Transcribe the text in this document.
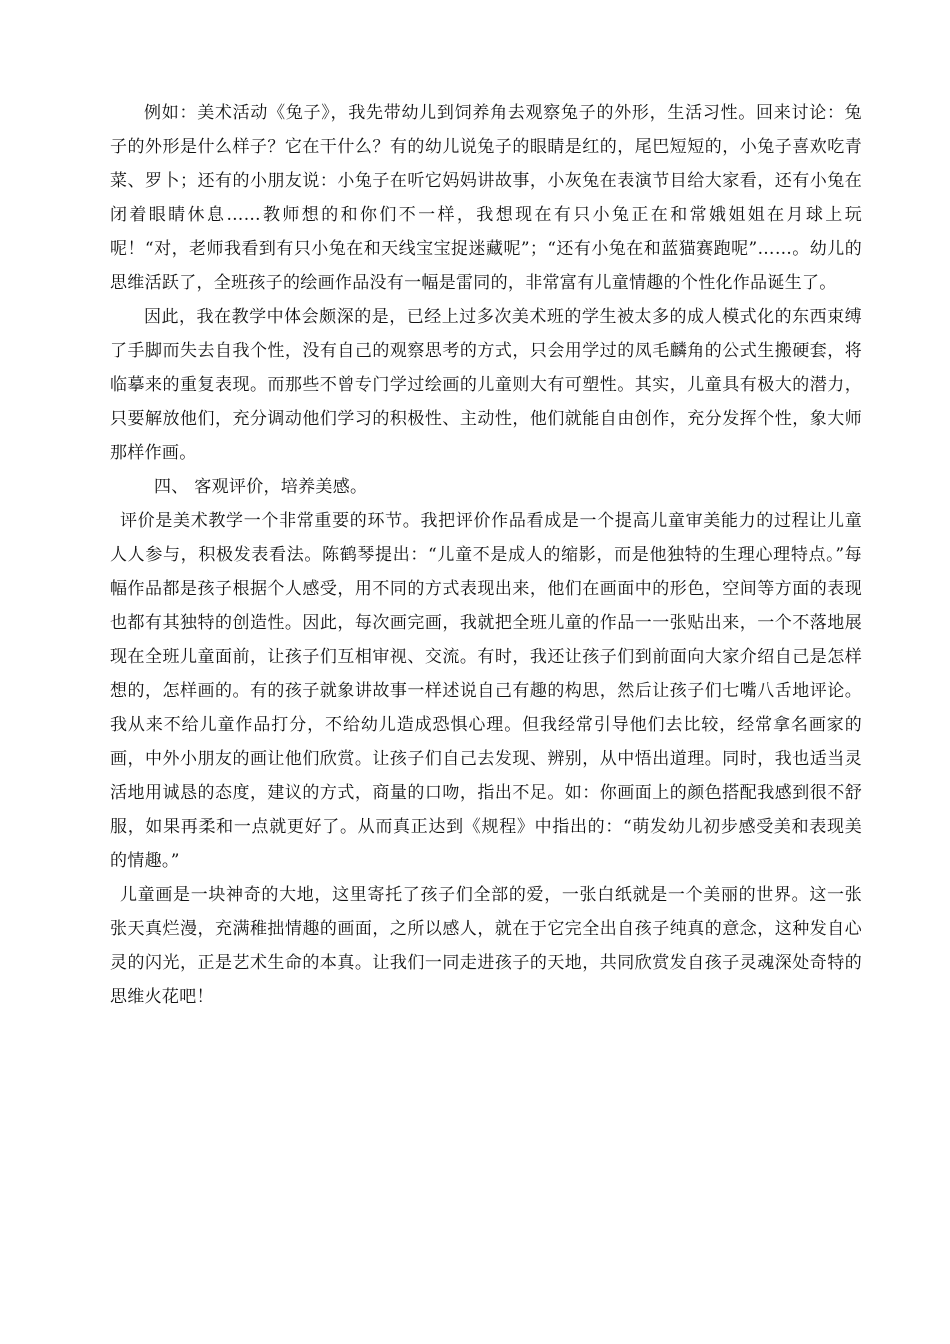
例如：美术活动《兔子》，我先带幼儿到饲养角去观察兔子的外形，生活习性。回来讨论：兔子的外形是什么样子？它在干什么？有的幼儿说兔子的眼睛是红的，尾巴短短的，小兔子喜欢吃青菜、罗卜；还有的小朋友说：小兔子在听它妈妈讲故事，小灰兔在表演节目给大家看，还有小兔在闭着眼睛休息……教师想的和你们不一样，我想现在有只小兔正在和常娥姐姐在月球上玩呢！“对，老师我看到有只小兔在和天线宝宝捉迷藏呢”；“还有小兔在和蓝猫赛跑呢”……。幼儿的思维活跃了，全班孩子的绘画作品没有一幅是雷同的，非常富有儿童情趣的个性化作品诞生了。

因此，我在教学中体会颇深的是，已经上过多次美术班的学生被太多的成人模式化的东西束缚了手脚而失去自我个性，没有自己的观察思考的方式，只会用学过的凤毛麟角的公式生搬硬套，将临摹来的重复表现。而那些不曾专门学过绘画的儿童则大有可塑性。其实，儿童具有极大的潜力，只要解放他们，充分调动他们学习的积极性、主动性，他们就能自由创作，充分发挥个性，象大师那样作画。

四、 客观评价，培养美感。

评价是美术教学一个非常重要的环节。我把评价作品看成是一个提高儿童审美能力的过程让儿童人人参与，积极发表看法。陈鹤琴提出：“儿童不是成人的缩影，而是他独特的生理心理特点。”每幅作品都是孩子根据个人感受，用不同的方式表现出来，他们在画面中的形色，空间等方面的表现也都有其独特的创造性。因此，每次画完画，我就把全班儿童的作品一一张贴出来，一个不落地展现在全班儿童面前，让孩子们互相审视、交流。有时，我还让孩子们到前面向大家介绍自己是怎样想的，怎样画的。有的孩子就象讲故事一样述说自己有趣的构思，然后让孩子们七嘴八舌地评论。我从来不给儿童作品打分，不给幼儿造成恐惧心理。但我经常引导他们去比较，经常拿名画家的画，中外小朋友的画让他们欣赏。让孩子们自己去发现、辨别，从中悟出道理。同时，我也适当灵活地用诚恳的态度，建议的方式，商量的口吻，指出不足。如：你画面上的颜色搭配我感到很不舒服，如果再柔和一点就更好了。从而真正达到《规程》中指出的：“萌发幼儿初步感受美和表现美的情趣。”

儿童画是一块神奇的大地，这里寄托了孩子们全部的爱，一张白纸就是一个美丽的世界。这一张张天真烂漫，充满稚拙情趣的画面，之所以感人，就在于它完全出自孩子纯真的意念，这种发自心灵的闪光，正是艺术生命的本真。让我们一同走进孩子的天地，共同欣赏发自孩子灵魂深处奇特的思维火花吧！
